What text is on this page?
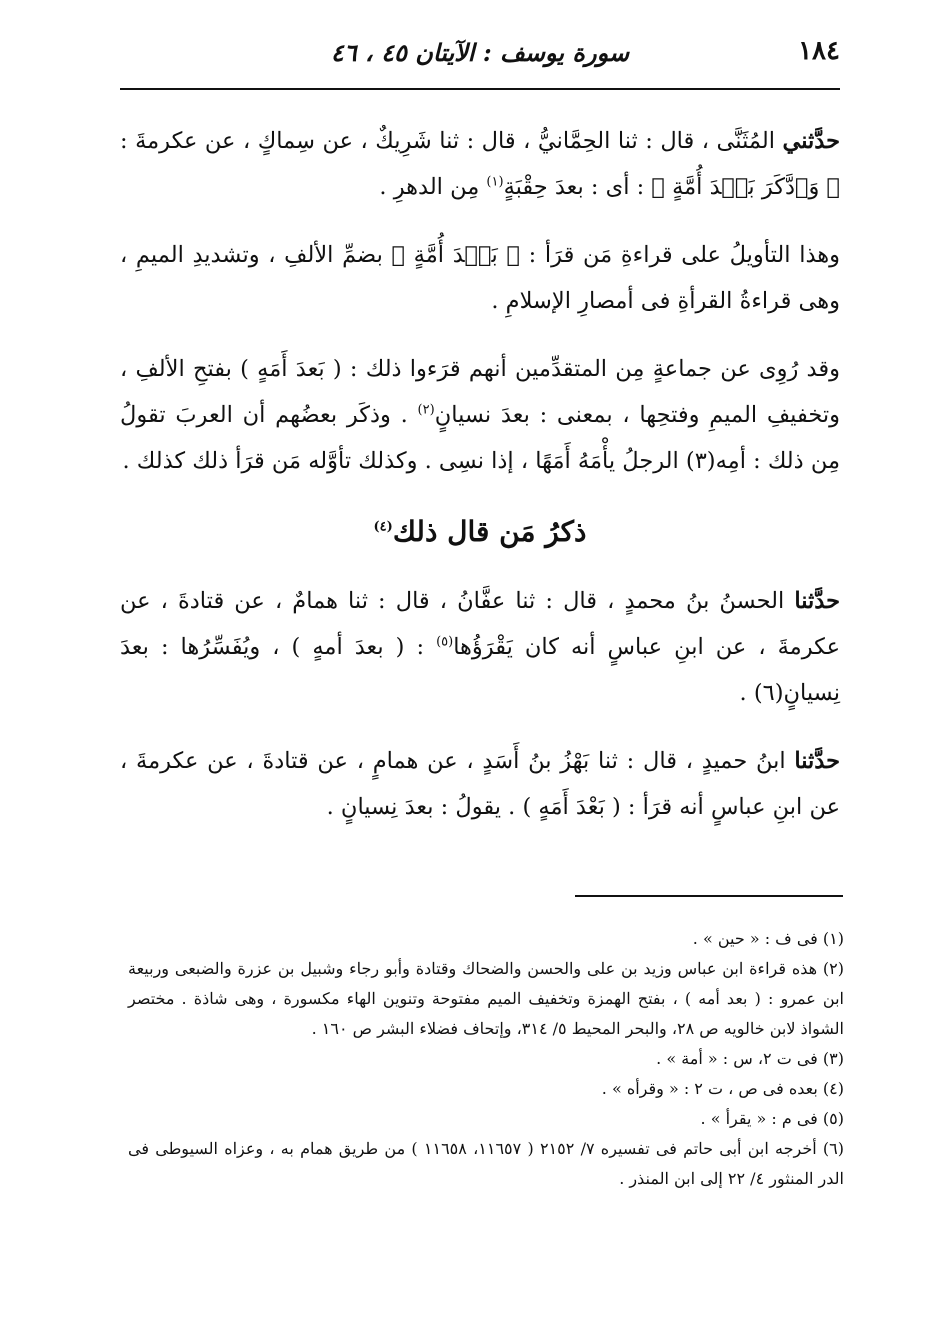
١٨٤
سورة يوسف : الآيتان ٤٥ ، ٤٦

حدَّثني المُثَنَّى ، قال : ثنا الحِمَّانيُّ ، قال : ثنا شَرِيكٌ ، عن سِماكٍ ، عن عكرمةَ : ﴿ وَٱدَّكَرَ بَعۡدَ أُمَّةٍ ﴾ : أى : بعدَ حِقْبَةٍ$^{(١)}$ مِن الدهرِ .

وهذا التأويلُ على قراءةِ مَن قرَأ : ﴿ بَعۡدَ أُمَّةٍ ﴾ بضمِّ الألفِ ، وتشديدِ الميمِ ، وهى قراءةُ القرأةِ فى أمصارِ الإسلامِ .

وقد رُوِى عن جماعةٍ مِن المتقدِّمين أنهم قرَءوا ذلك : ( بَعدَ أَمَهٍ ) بفتحِ الألفِ ، وتخفيفِ الميمِ وفتحِها ، بمعنى : بعدَ نسيانٍ$^{(٢)}$ . وذكَر بعضُهم أن العربَ تقولُ مِن ذلك : أمِه(٣) الرجلُ يأْمَهُ أَمَهًا ، إذا نسِى . وكذلك تأوَّله مَن قرَأ ذلك كذلك .

ذكرُ مَن قال ذلك$^{(٤)}$

حدَّثنا الحسنُ بنُ محمدٍ ، قال : ثنا عفَّانُ ، قال : ثنا همامٌ ، عن قتادةَ ، عن عكرمةَ ، عن ابنِ عباسٍ أنه كان يَقْرَؤُها$^{(٥)}$ : ( بعدَ أمهٍ ) ، ويُفَسِّرُها : بعدَ نِسيانٍ(٦) .

حدَّثنا ابنُ حميدٍ ، قال : ثنا بَهْزُ بنُ أَسَدٍ ، عن همامٍ ، عن قتادةَ ، عن عكرمةَ ، عن ابنِ عباسٍ أنه قرَأ : ( بَعْدَ أَمَهٍ ) . يقولُ : بعدَ نِسيانٍ .

(١) فى ف : « حين » .

(٢) هذه قراءة ابن عباس وزيد بن على والحسن والضحاك وقتادة وأبو رجاء وشبيل بن عزرة والضبعى وربيعة ابن عمرو : ( بعد أمه ) ، بفتح الهمزة وتخفيف الميم مفتوحة وتنوين الهاء مكسورة ، وهى شاذة . مختصر الشواذ لابن خالويه ص ٢٨، والبحر المحيط ٥/ ٣١٤، وإتحاف فضلاء البشر ص ١٦٠ .

(٣) فى ت ٢، س : « أمة » .

(٤) بعده فى ص ، ت ٢ : « وقرأه » .

(٥) فى م : « يقرأ » .

(٦) أخرجه ابن أبى حاتم فى تفسيره ٧/ ٢١٥٢ ( ١١٦٥٧، ١١٦٥٨ ) من طريق همام به ، وعزاه السيوطى فى الدر المنثور ٤/ ٢٢ إلى ابن المنذر .
